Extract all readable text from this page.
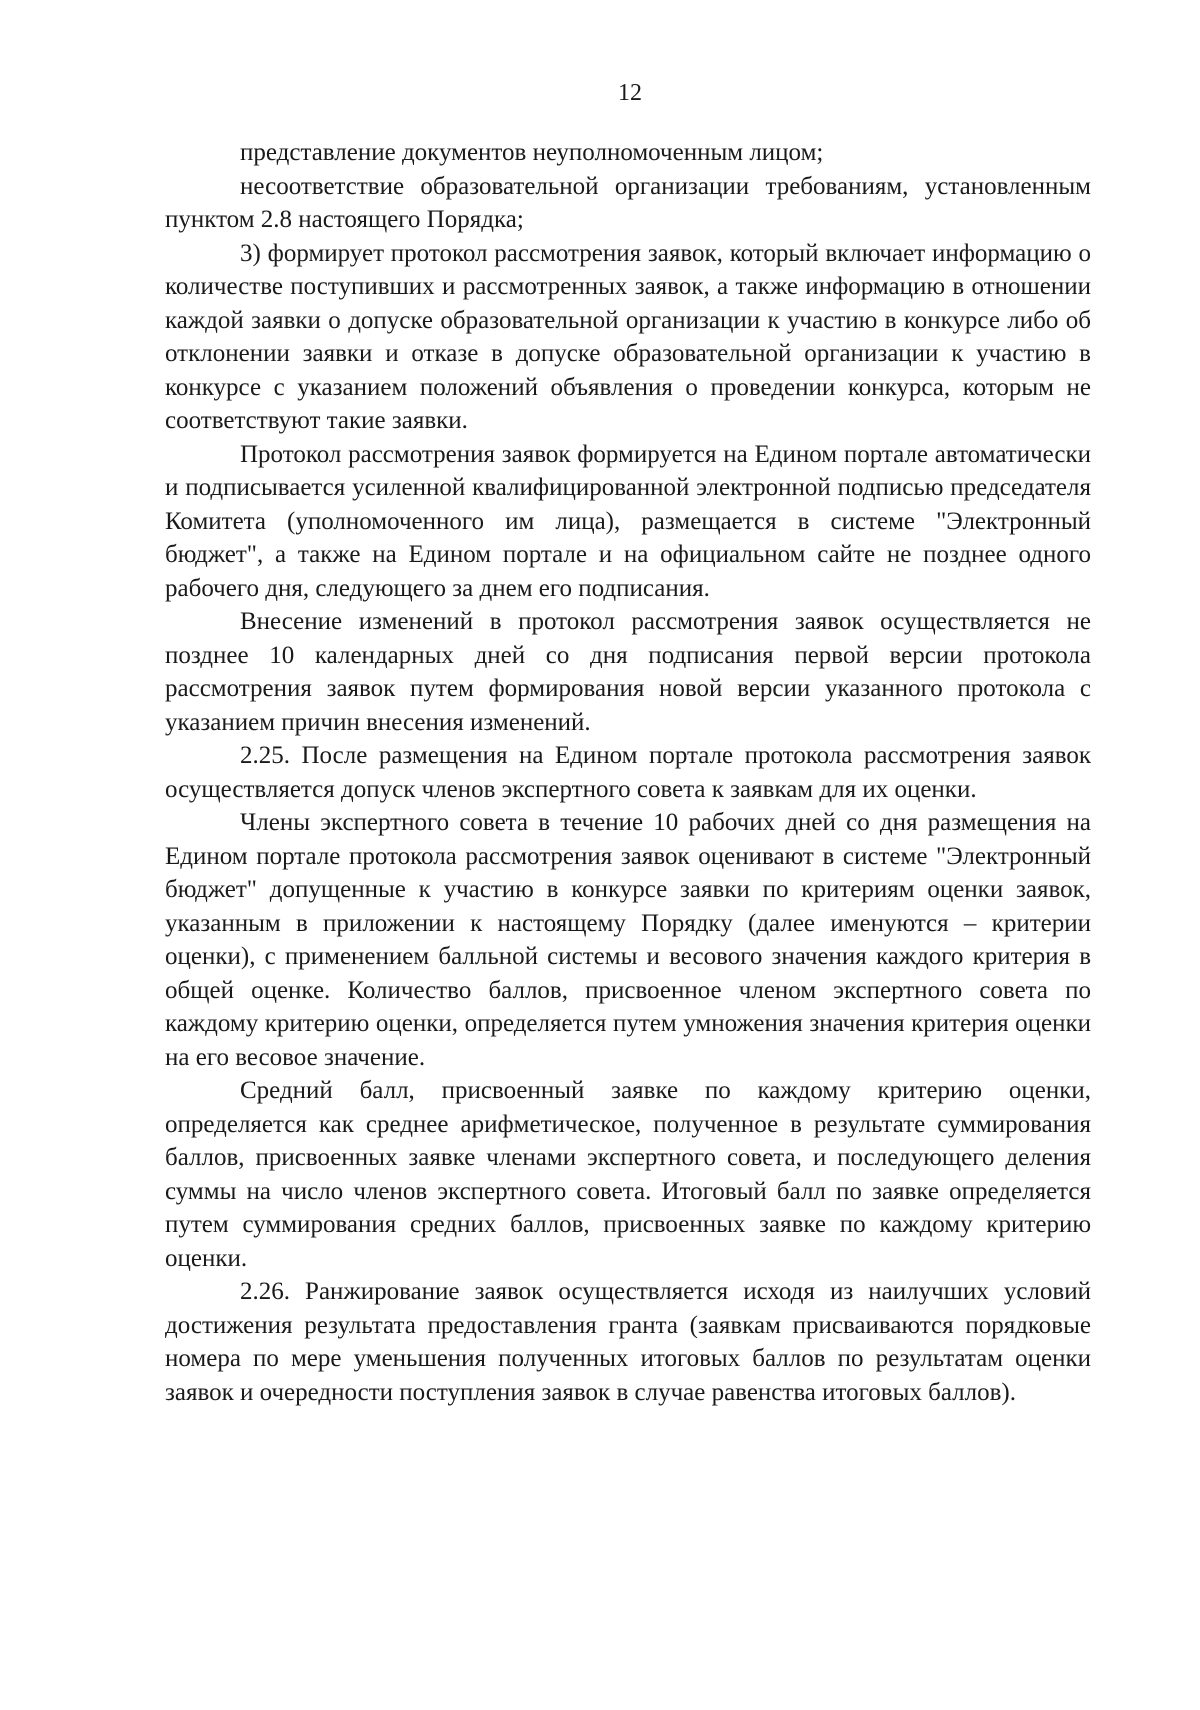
12

представление документов неуполномоченным лицом;

несоответствие образовательной организации требованиям, установленным пунктом 2.8 настоящего Порядка;

3) формирует протокол рассмотрения заявок, который включает информацию о количестве поступивших и рассмотренных заявок, а также информацию в отношении каждой заявки о допуске образовательной организации к участию в конкурсе либо об отклонении заявки и отказе в допуске образовательной организации к участию в конкурсе с указанием положений объявления о проведении конкурса, которым не соответствуют такие заявки.

Протокол рассмотрения заявок формируется на Едином портале автоматически и подписывается усиленной квалифицированной электронной подписью председателя Комитета (уполномоченного им лица), размещается в системе "Электронный бюджет", а также на Едином портале и на официальном сайте не позднее одного рабочего дня, следующего за днем его подписания.

Внесение изменений в протокол рассмотрения заявок осуществляется не позднее 10 календарных дней со дня подписания первой версии протокола рассмотрения заявок путем формирования новой версии указанного протокола с указанием причин внесения изменений.

2.25. После размещения на Едином портале протокола рассмотрения заявок осуществляется допуск членов экспертного совета к заявкам для их оценки.

Члены экспертного совета в течение 10 рабочих дней со дня размещения на Едином портале протокола рассмотрения заявок оценивают в системе "Электронный бюджет" допущенные к участию в конкурсе заявки по критериям оценки заявок, указанным в приложении к настоящему Порядку (далее именуются – критерии оценки), с применением балльной системы и весового значения каждого критерия в общей оценке. Количество баллов, присвоенное членом экспертного совета по каждому критерию оценки, определяется путем умножения значения критерия оценки на его весовое значение.

Средний балл, присвоенный заявке по каждому критерию оценки, определяется как среднее арифметическое, полученное в результате суммирования баллов, присвоенных заявке членами экспертного совета, и последующего деления суммы на число членов экспертного совета. Итоговый балл по заявке определяется путем суммирования средних баллов, присвоенных заявке по каждому критерию оценки.

2.26. Ранжирование заявок осуществляется исходя из наилучших условий достижения результата предоставления гранта (заявкам присваиваются порядковые номера по мере уменьшения полученных итоговых баллов по результатам оценки заявок и очередности поступления заявок в случае равенства итоговых баллов).
